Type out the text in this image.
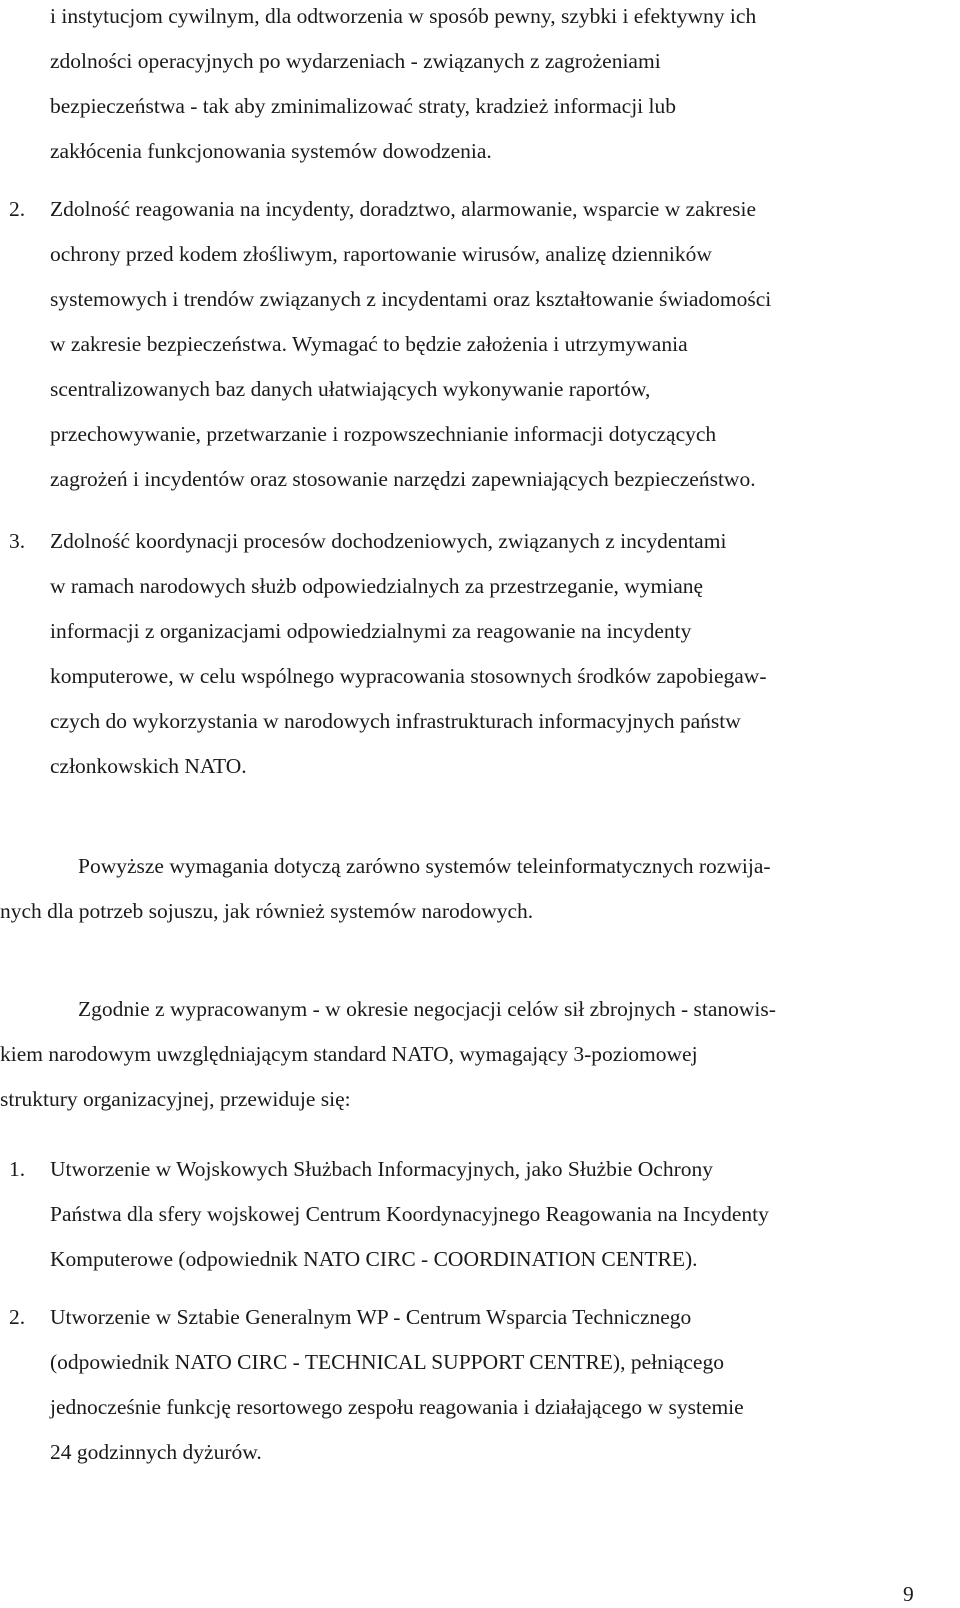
i instytucjom cywilnym, dla odtworzenia w sposób pewny, szybki i efektywny ich
zdolności operacyjnych po wydarzeniach - związanych z zagrożeniami
bezpieczeństwa - tak aby zminimalizować straty, kradzież informacji lub
zakłócenia funkcjonowania systemów dowodzenia.
2. Zdolność reagowania na incydenty, doradztwo, alarmowanie, wsparcie w zakresie
ochrony przed kodem złośliwym, raportowanie wirusów, analizę dzienników
systemowych i trendów związanych z incydentami oraz kształtowanie świadomości
w zakresie bezpieczeństwa. Wymagać to będzie założenia i utrzymywania
scentralizowanych baz danych ułatwiających wykonywanie raportów,
przechowywanie, przetwarzanie i rozpowszechnianie informacji dotyczących
zagrożeń i incydentów oraz stosowanie narzędzi zapewniających bezpieczeństwo.
3. Zdolność koordynacji procesów dochodzeniowych, związanych z incydentami
w ramach narodowych służb odpowiedzialnych za przestrzeganie, wymianę
informacji z organizacjami odpowiedzialnymi za reagowanie na incydenty
komputerowe, w celu wspólnego wypracowania stosownych środków zapobiegaw-
czych do wykorzystania w narodowych infrastrukturach informacyjnych państw
członkowskich NATO.
Powyższe wymagania dotyczą zarówno systemów teleinformatycznych rozwija-
nych dla potrzeb sojuszu, jak również systemów narodowych.
Zgodnie z wypracowanym - w okresie negocjacji celów sił zbrojnych - stanowis-
kiem narodowym uwzględniającym standard NATO, wymagający 3-poziomowej
struktury organizacyjnej, przewiduje się:
1. Utworzenie w Wojskowych Służbach Informacyjnych, jako Służbie Ochrony
Państwa dla sfery wojskowej Centrum Koordynacyjnego Reagowania na Incydenty
Komputerowe (odpowiednik NATO CIRC - COORDINATION CENTRE).
2. Utworzenie w Sztabie Generalnym WP - Centrum Wsparcia Technicznego
(odpowiednik NATO CIRC - TECHNICAL SUPPORT CENTRE), pełniącego
jednocześnie funkcję resortowego zespołu reagowania i działającego w systemie
24 godzinnych dyżurów.
9
